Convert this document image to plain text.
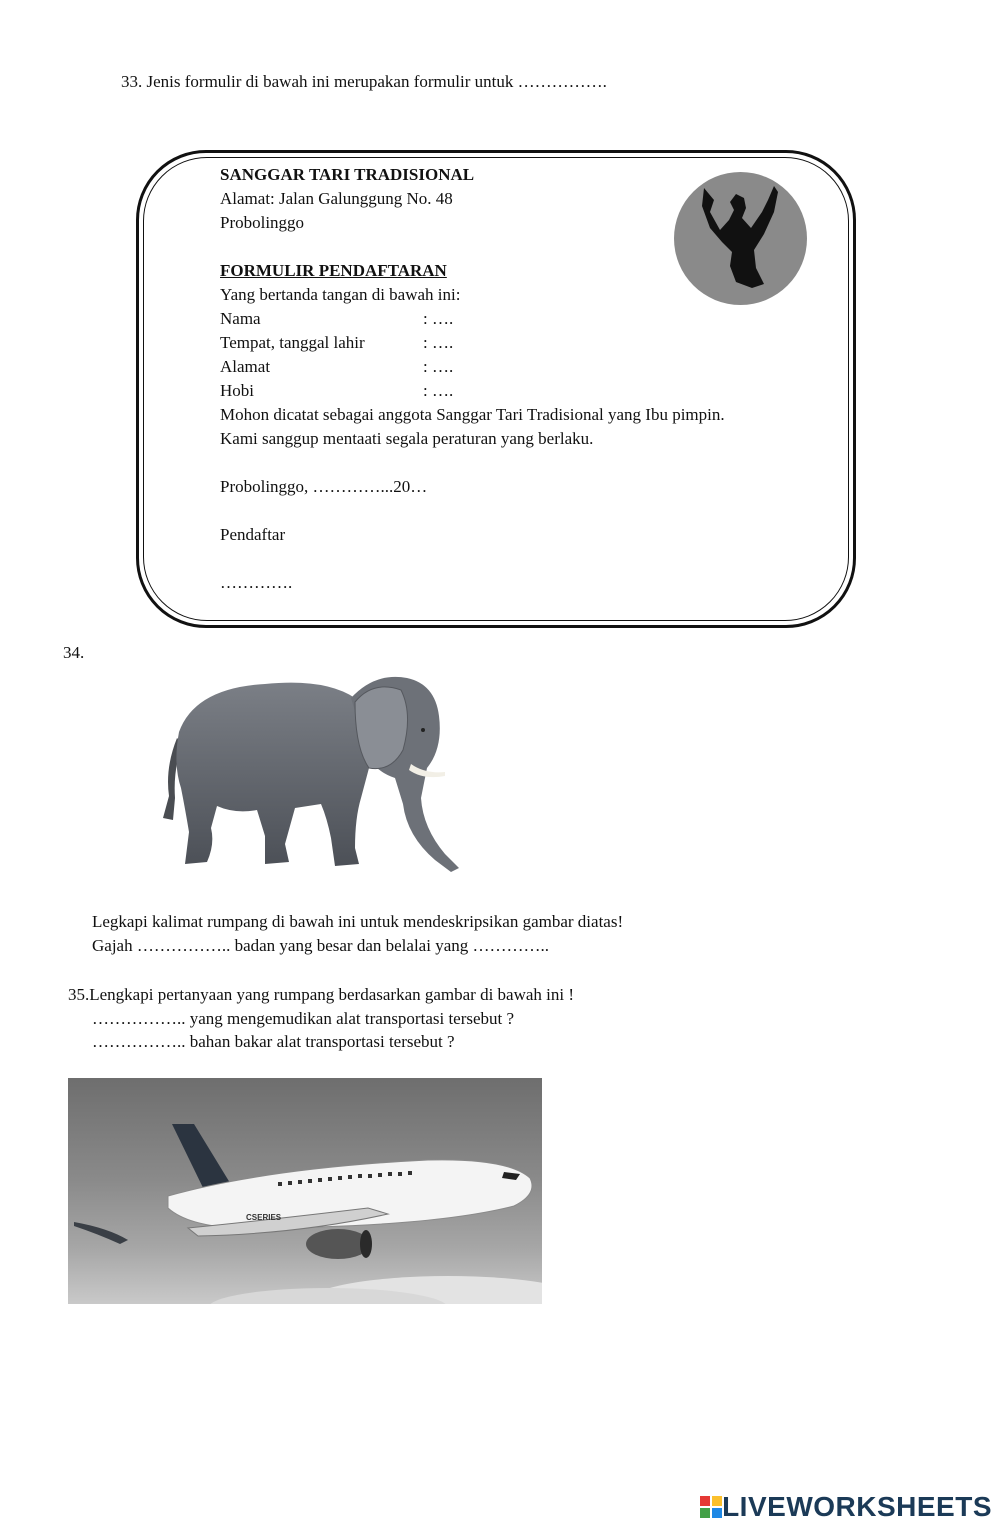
33. Jenis formulir di bawah ini merupakan formulir untuk …………….
SANGGAR TARI TRADISIONAL
Alamat: Jalan Galunggung No. 48
Probolinggo
FORMULIR PENDAFTARAN
Yang bertanda tangan di bawah ini:
Nama	: ….
Tempat, tanggal lahir	: ….
Alamat	: ….
Hobi	: ….
Mohon dicatat sebagai anggota Sanggar Tari Tradisional yang Ibu pimpin.
Kami sanggup mentaati segala peraturan yang berlaku.
Probolinggo, …………...20…
Pendaftar
………….
34.
Legkapi kalimat rumpang di bawah ini untuk mendeskripsikan gambar diatas!
Gajah …………….. badan yang besar dan belalai yang …………..
35.Lengkapi pertanyaan yang rumpang berdasarkan gambar di bawah ini !
…………….. yang mengemudikan alat transportasi tersebut ?
…………….. bahan bakar alat transportasi tersebut ?
CSERIES
LIVEWORKSHEETS
